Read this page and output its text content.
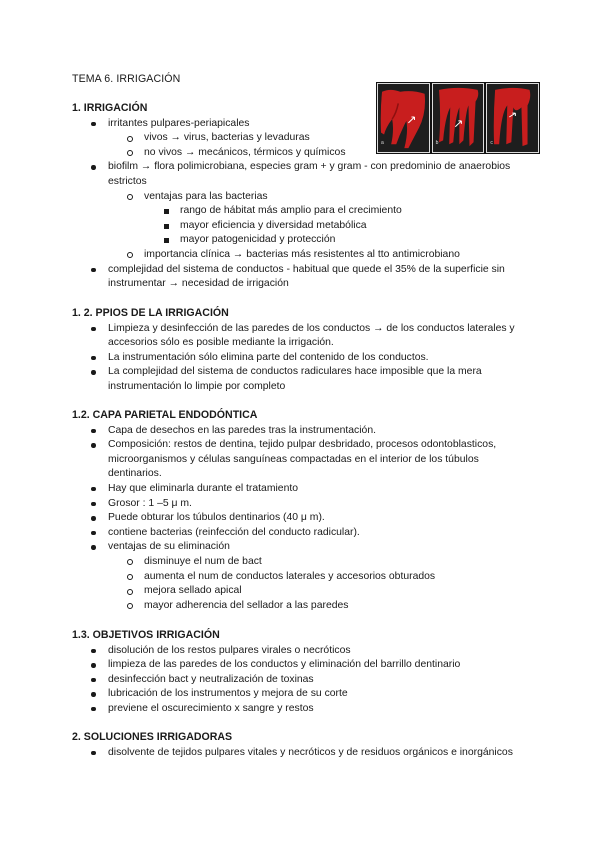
TEMA 6. IRRIGACIÓN
a	b	c
1. IRRIGACIÓN
irritantes pulpares-periapicales
vivos → virus, bacterias y levaduras
no vivos → mecánicos, térmicos y químicos
biofilm → flora polimicrobiana, especies gram + y gram - con predominio de anaerobios estrictos
ventajas para las bacterias
rango de hábitat más amplio para el crecimiento
mayor eficiencia y diversidad metabólica
mayor patogenicidad y protección
importancia clínica → bacterias más resistentes al tto antimicrobiano
complejidad del sistema de conductos - habitual que quede el 35% de la superficie sin instrumentar → necesidad de irrigación
1. 2. PPIOS DE LA IRRIGACIÓN
Limpieza y desinfección de las paredes de los conductos → de los conductos laterales y accesorios sólo es posible mediante la irrigación.
La instrumentación sólo elimina parte del contenido de los conductos.
La complejidad del sistema de conductos radiculares hace imposible que la mera instrumentación lo limpie por completo
1.2. CAPA PARIETAL ENDODÓNTICA
Capa de desechos en las paredes tras la instrumentación.
Composición: restos de dentina, tejido pulpar desbridado, procesos odontoblasticos, microorganismos y células sanguíneas compactadas en el interior de los túbulos dentinarios.
Hay que eliminarla durante el tratamiento
Grosor : 1 –5 μ m.
Puede obturar los túbulos dentinarios (40 μ m).
contiene bacterias (reinfección del conducto radicular).
ventajas de su eliminación
disminuye el num de bact
aumenta el num de conductos laterales y accesorios obturados
mejora sellado apical
mayor adherencia del sellador a las paredes
1.3. OBJETIVOS IRRIGACIÓN
disolución de los restos pulpares virales o necróticos
limpieza de las paredes de los conductos y eliminación del barrillo dentinario
desinfección bact y neutralización de toxinas
lubricación de los instrumentos y mejora de su corte
previene el oscurecimiento x sangre y restos
2. SOLUCIONES IRRIGADORAS
disolvente de tejidos pulpares vitales y necróticos y de residuos orgánicos e inorgánicos
